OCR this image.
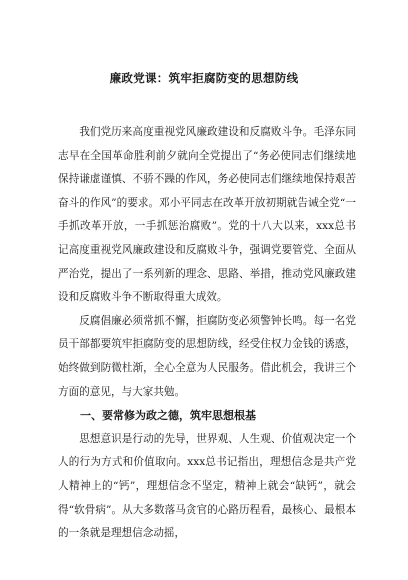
廉政党课：筑牢拒腐防变的思想防线

我们党历来高度重视党风廉政建设和反腐败斗争。毛泽东同志早在全国革命胜利前夕就向全党提出了“务必使同志们继续地保持谦虚谨慎、不骄不躁的作风，务必使同志们继续地保持艰苦奋斗的作风”的要求。邓小平同志在改革开放初期就告诫全党“一手抓改革开放，一手抓惩治腐败”。党的十八大以来，xxx总书记高度重视党风廉政建设和反腐败斗争，强调党要管党、全面从严治党，提出了一系列新的理念、思路、举措，推动党风廉政建设和反腐败斗争不断取得重大成效。

反腐倡廉必须常抓不懈，拒腐防变必须警钟长鸣。每一名党员干部都要筑牢拒腐防变的思想防线，经受住权力金钱的诱惑，始终做到防微杜渐，全心全意为人民服务。借此机会，我讲三个方面的意见，与大家共勉。

一、要常修为政之德，筑牢思想根基

思想意识是行动的先导，世界观、人生观、价值观决定一个人的行为方式和价值取向。xxx总书记指出，理想信念是共产党人精神上的“钙”，理想信念不坚定，精神上就会“缺钙”，就会得“软骨病”。从大多数落马贪官的心路历程看，最核心、最根本的一条就是理想信念动摇，
